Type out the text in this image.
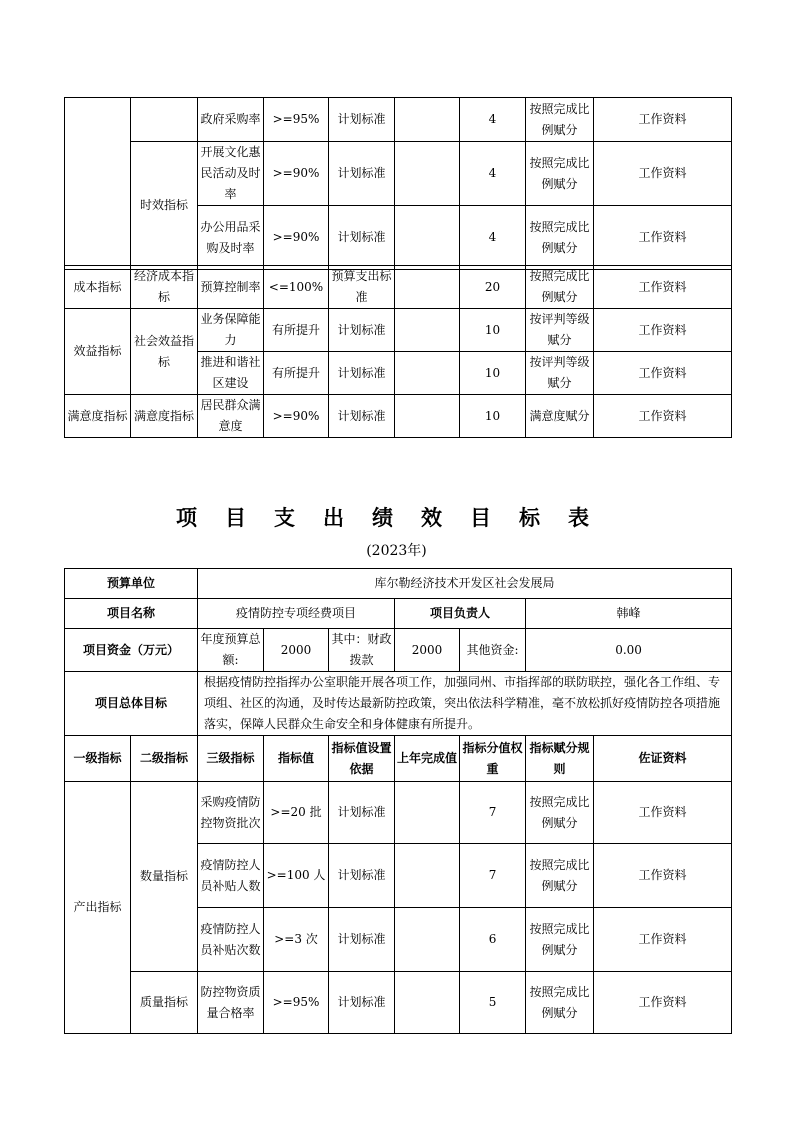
		政府采购率	>=95%	计划标准		4	按照完成比例赋分	工作资料
	时效指标	开展文化惠民活动及时率	>=90%	计划标准		4	按照完成比例赋分	工作资料
		办公用品采购及时率	>=90%	计划标准		4	按照完成比例赋分	工作资料
成本指标	经济成本指标	预算控制率	<=100%	预算支出标准		20	按照完成比例赋分	工作资料
效益指标	社会效益指标	业务保障能力	有所提升	计划标准		10	按评判等级赋分	工作资料
		推进和谐社区建设	有所提升	计划标准		10	按评判等级赋分	工作资料
满意度指标	满意度指标	居民群众满意度	>=90%	计划标准		10	满意度赋分	工作资料
项目支出绩效目标表
(2023年)
预算单位		库尔勒经济技术开发区社会发展局						
项目名称		疫情防控专项经费项目			项目负责人		韩峰	
项目资金（万元）		年度预算总额:	2000	其中：财政拨款	2000	其他资金:	0.00	
项目总体目标		根据疫情防控指挥办公室职能开展各项工作，加强同州、市指挥部的联防联控，强化各工作组、专项组、社区的沟通，及时传达最新防控政策，突出依法科学精准，毫不放松抓好疫情防控各项措施落实，保障人民群众生命安全和身体健康有所提升。						
一级指标	二级指标	三级指标	指标值	指标值设置依据	上年完成值	指标分值权重	指标赋分规则	佐证资料
产出指标	数量指标	采购疫情防控物资批次	>=20 批	计划标准		7	按照完成比例赋分	工作资料
		疫情防控人员补贴人数	>=100 人	计划标准		7	按照完成比例赋分	工作资料
		疫情防控人员补贴次数	>=3 次	计划标准		6	按照完成比例赋分	工作资料
	质量指标	防控物资质量合格率	>=95%	计划标准		5	按照完成比例赋分	工作资料
